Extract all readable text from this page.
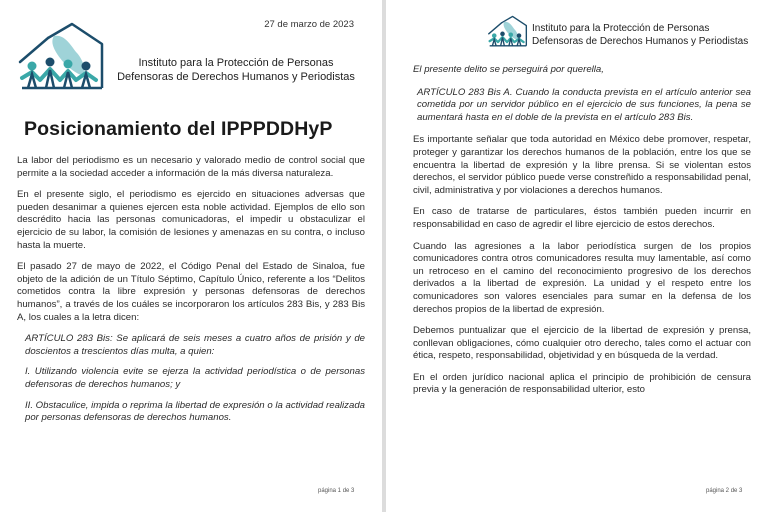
27 de marzo de 2023
Instituto para la Protección de Personas
Defensoras de Derechos Humanos y Periodistas
Posicionamiento del IPPPDDHyP

La labor del periodismo es un necesario y valorado medio de control social que permite a la sociedad acceder a información de la más diversa naturaleza.

En el presente siglo, el periodismo es ejercido en situaciones adversas que pueden desanimar a quienes ejercen esta noble actividad. Ejemplos de ello son descrédito hacia las personas comunicadoras, el impedir u obstaculizar el ejercicio de su labor, la comisión de lesiones y amenazas en su contra, o incluso hasta la muerte.

El pasado 27 de mayo de 2022, el Código Penal del Estado de Sinaloa, fue objeto de la adición de un Título Séptimo, Capítulo Único, referente a los “Delitos cometidos contra la libre expresión y personas defensoras de derechos humanos”, a través de los cuáles se incorporaron los artículos 283 Bis, y 283 Bis A, los cuales a la letra dicen:

ARTÍCULO 283 Bis: Se aplicará de seis meses a cuatro años de prisión y de doscientos a trescientos días multa, a quien:

I. Utilizando violencia evite se ejerza la actividad periodística o de personas defensoras de derechos humanos; y

II. Obstaculice, impida o reprima la libertad de expresión o la actividad realizada por personas defensoras de derechos humanos.

página 1 de 3
Instituto para la Protección de Personas
Defensoras de Derechos Humanos y Periodistas

El presente delito se perseguirá por querella,

ARTÍCULO 283 Bis A. Cuando la conducta prevista en el artículo anterior sea cometida por un servidor público en el ejercicio de sus funciones, la pena se aumentará hasta en el doble de la prevista en el artículo 283 Bis.

Es importante señalar que toda autoridad en México debe promover, respetar, proteger y garantizar los derechos humanos de la población, entre los que se encuentra la libertad de expresión y la libre prensa. Si se violentan estos derechos, el servidor público puede verse constreñido a responsabilidad penal, civil, administrativa y por violaciones a derechos humanos.

En caso de tratarse de particulares, éstos también pueden incurrir en responsabilidad en caso de agredir el libre ejercicio de estos derechos.

Cuando las agresiones a la labor periodística surgen de los propios comunicadores contra otros comunicadores resulta muy lamentable, así como un retroceso en el camino del reconocimiento progresivo de los derechos derivados a la libertad de expresión. La unidad y el respeto entre los comunicadores son valores esenciales para sumar en la defensa de los derechos propios de la libertad de expresión.

Debemos puntualizar que el ejercicio de la libertad de expresión y prensa, conllevan obligaciones, cómo cualquier otro derecho, tales como el actuar con ética, respeto, responsabilidad, objetividad y en búsqueda de la verdad.

En el orden jurídico nacional aplica el principio de prohibición de censura previa y la generación de responsabilidad ulterior, esto

página 2 de 3
